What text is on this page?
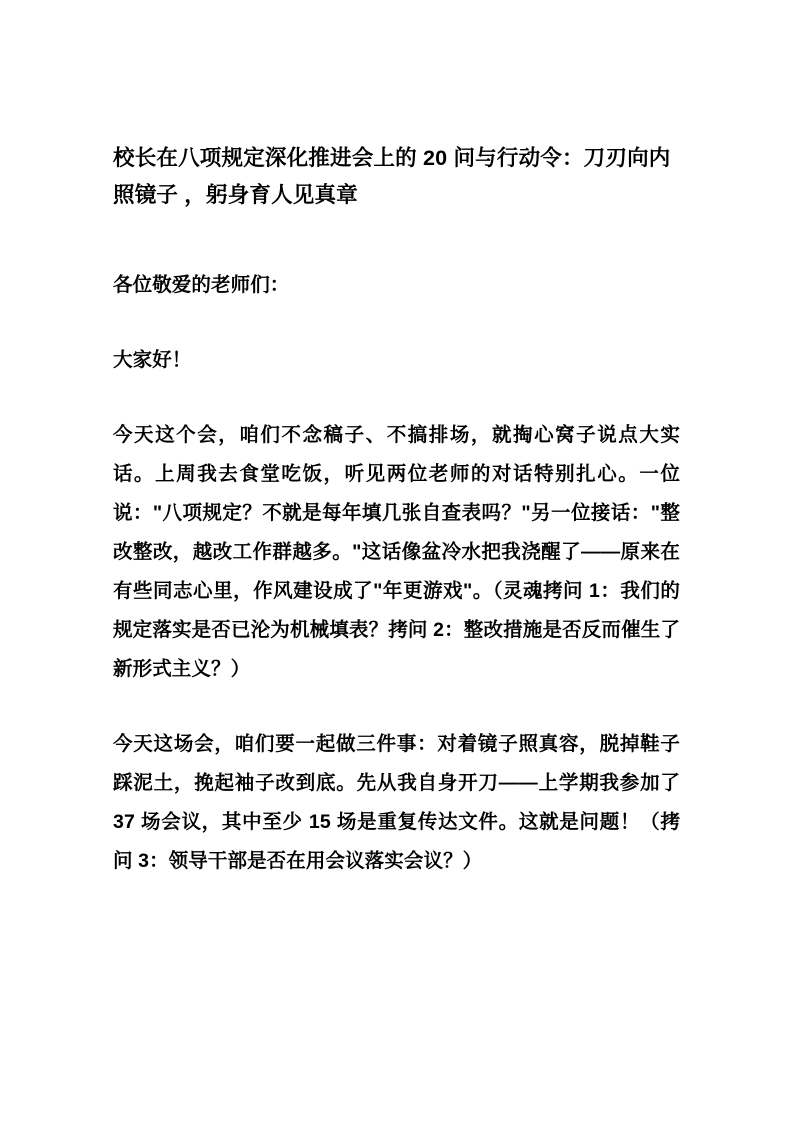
校长在八项规定深化推进会上的 20 问与行动令：刀刃向内照镜子 ，躬身育人见真章

各位敬爱的老师们：

大家好！

今天这个会，咱们不念稿子、不搞排场，就掏心窝子说点大实话。上周我去食堂吃饭，听见两位老师的对话特别扎心。一位说："八项规定？不就是每年填几张自查表吗？"另一位接话："整改整改，越改工作群越多。"这话像盆冷水把我浇醒了——原来在有些同志心里，作风建设成了"年更游戏"。（灵魂拷问 1：我们的规定落实是否已沦为机械填表？拷问 2：整改措施是否反而催生了新形式主义？）

今天这场会，咱们要一起做三件事：对着镜子照真容，脱掉鞋子踩泥土，挽起袖子改到底。先从我自身开刀——上学期我参加了 37 场会议，其中至少 15 场是重复传达文件。这就是问题！（拷问 3：领导干部是否在用会议落实会议？）
